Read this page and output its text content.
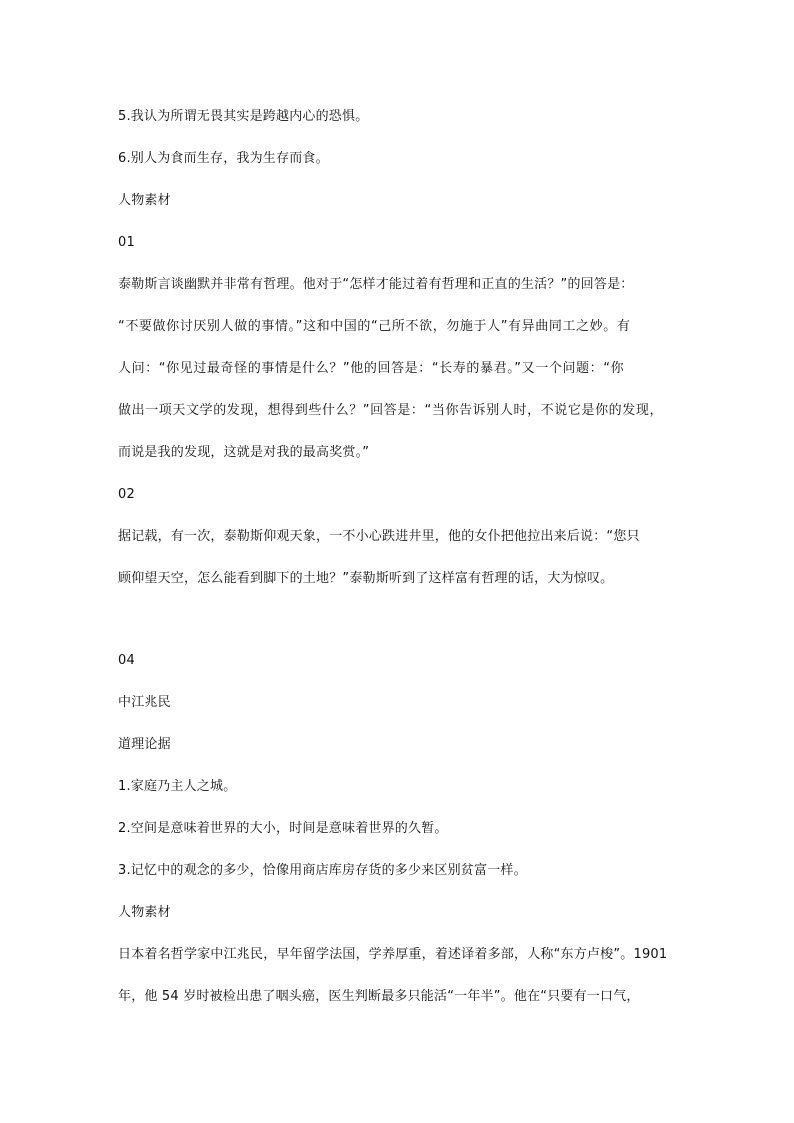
5.我认为所谓无畏其实是跨越内心的恐惧。
6.别人为食而生存，我为生存而食。
人物素材
01
泰勒斯言谈幽默并非常有哲理。他对于“怎样才能过着有哲理和正直的生活？”的回答是：
“不要做你讨厌别人做的事情。”这和中国的“己所不欲，勿施于人”有异曲同工之妙。有
人问：“你见过最奇怪的事情是什么？”他的回答是：“长寿的暴君。”又一个问题：“你
做出一项天文学的发现，想得到些什么？”回答是：“当你告诉别人时，不说它是你的发现，
而说是我的发现，这就是对我的最高奖赏。”
02
据记载，有一次，泰勒斯仰观天象，一不小心跌进井里，他的女仆把他拉出来后说：“您只
顾仰望天空，怎么能看到脚下的土地？”泰勒斯听到了这样富有哲理的话，大为惊叹。
04
中江兆民
道理论据
1.家庭乃主人之城。
2.空间是意味着世界的大小，时间是意味着世界的久暂。
3.记忆中的观念的多少，恰像用商店库房存货的多少来区别贫富一样。
人物素材
日本着名哲学家中江兆民，早年留学法国，学养厚重，着述译着多部，人称“东方卢梭”。1901
年，他 54 岁时被检出患了咽头癌，医生判断最多只能活“一年半”。他在“只要有一口气，
